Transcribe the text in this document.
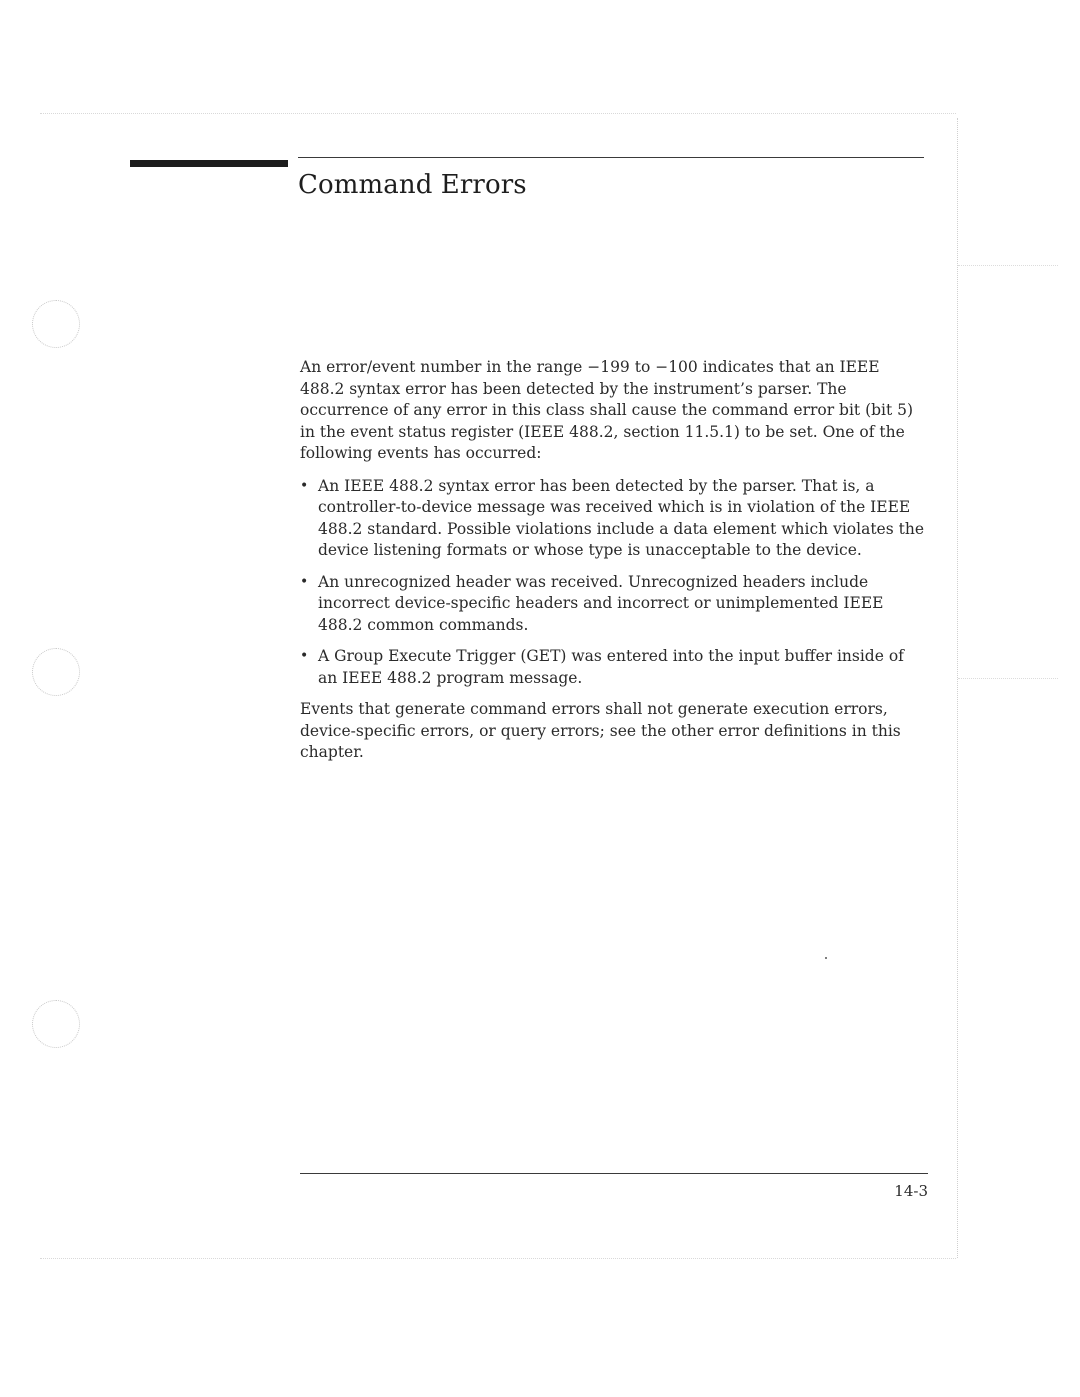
Command Errors

An error/event number in the range −199 to −100 indicates that an IEEE 488.2 syntax error has been detected by the instrument’s parser. The occurrence of any error in this class shall cause the command error bit (bit 5) in the event status register (IEEE 488.2, section 11.5.1) to be set. One of the following events has occurred:

• An IEEE 488.2 syntax error has been detected by the parser. That is, a controller-to-device message was received which is in violation of the IEEE 488.2 standard. Possible violations include a data element which violates the device listening formats or whose type is unacceptable to the device.
• An unrecognized header was received. Unrecognized headers include incorrect device-specific headers and incorrect or unimplemented IEEE 488.2 common commands.
• A Group Execute Trigger (GET) was entered into the input buffer inside of an IEEE 488.2 program message.

Events that generate command errors shall not generate execution errors, device-specific errors, or query errors; see the other error definitions in this chapter.

14-3
